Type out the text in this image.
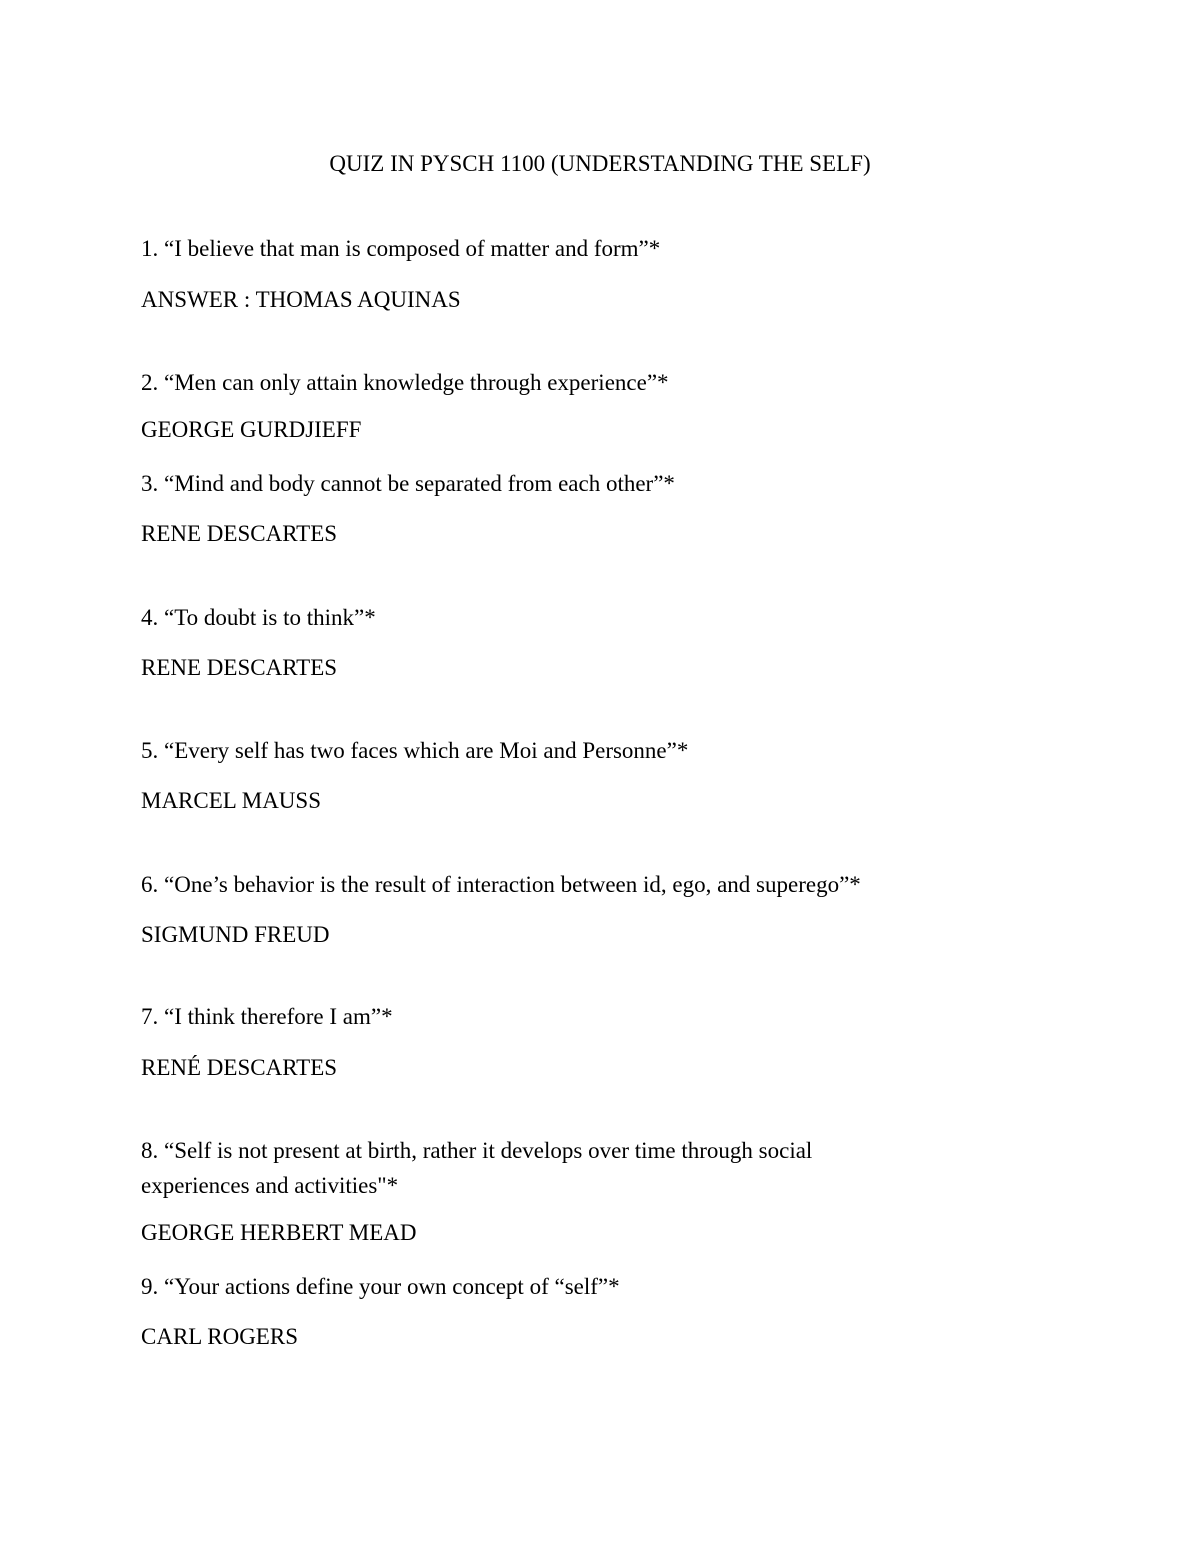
QUIZ IN PYSCH 1100 (UNDERSTANDING THE SELF)
1. “I believe that man is composed of matter and form”*
ANSWER : THOMAS AQUINAS
2. “Men can only attain knowledge through experience”*
GEORGE GURDJIEFF
3. “Mind and body cannot be separated from each other”*
RENE DESCARTES
4. “To doubt is to think”*
RENE DESCARTES
5. “Every self has two faces which are Moi and Personne”*
MARCEL MAUSS
6. “One’s behavior is the result of interaction between id, ego, and superego”*
SIGMUND FREUD
7. “I think therefore I am”*
RENÉ DESCARTES
8. “Self is not present at birth, rather it develops over time through social
experiences and activities"*
GEORGE HERBERT MEAD
9. “Your actions define your own concept of “self”*
CARL ROGERS
